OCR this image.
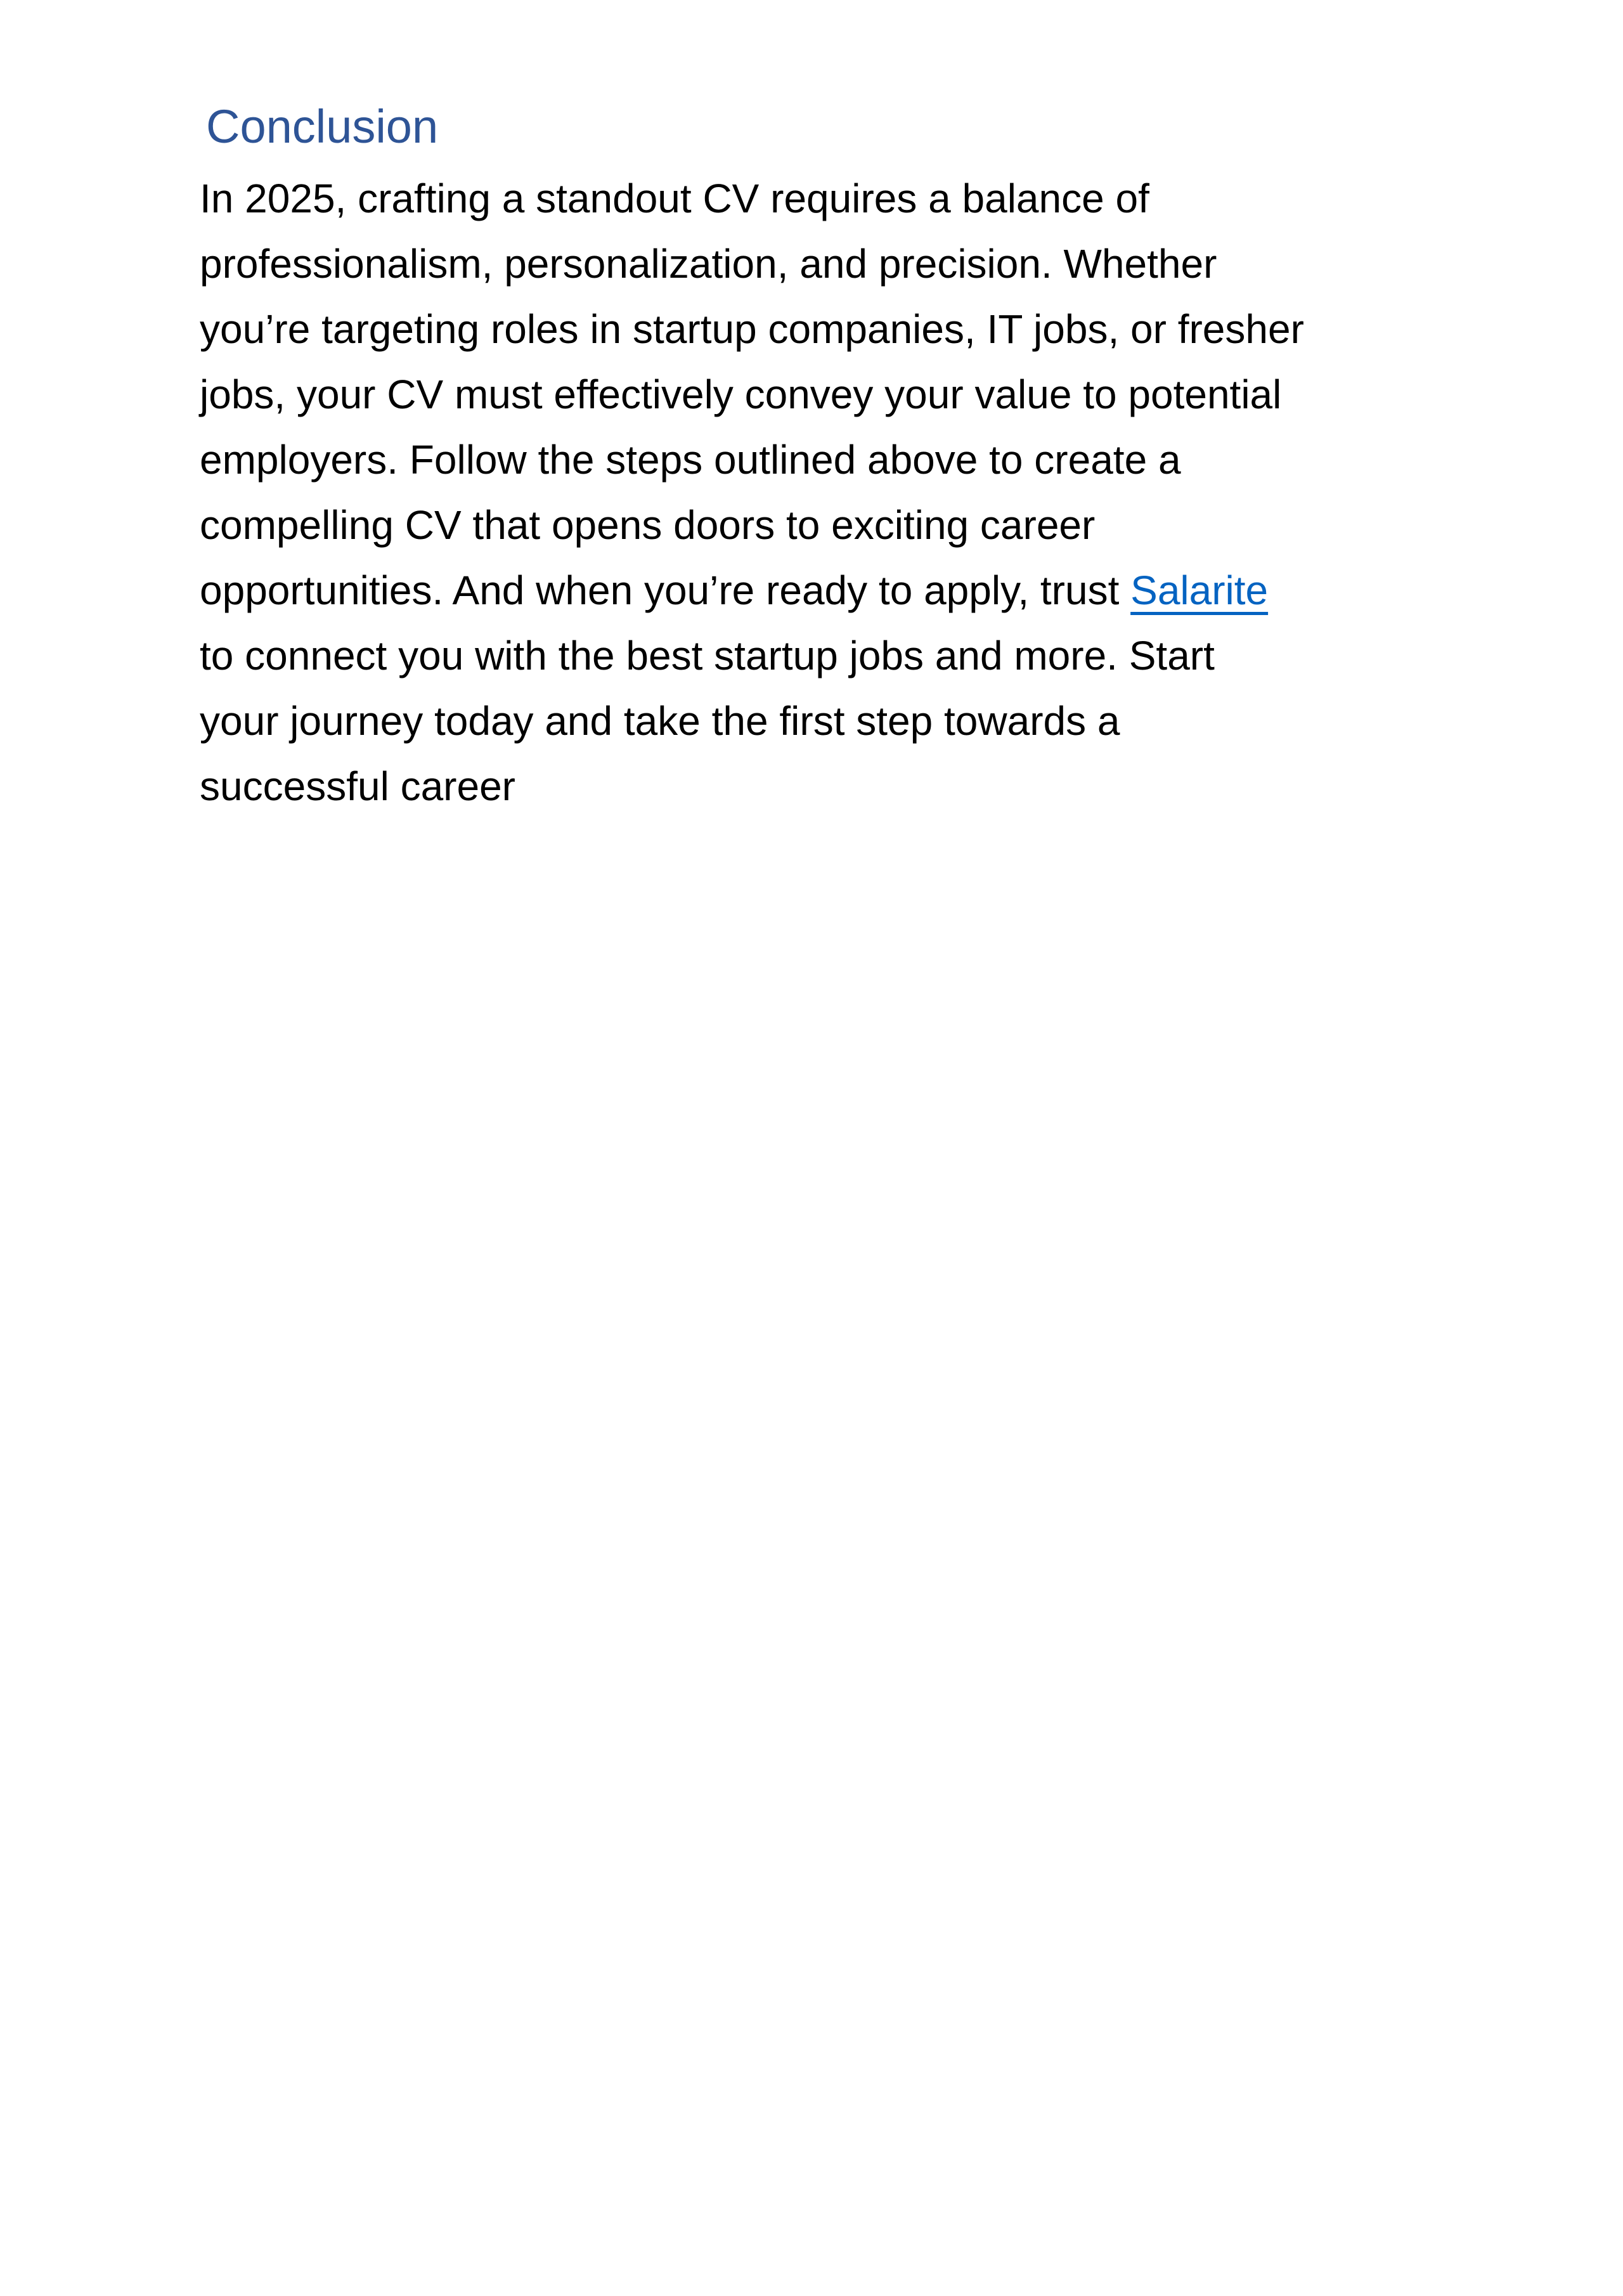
Conclusion
In 2025, crafting a standout CV requires a balance of
professionalism, personalization, and precision. Whether
you’re targeting roles in startup companies, IT jobs, or fresher
jobs, your CV must effectively convey your value to potential
employers. Follow the steps outlined above to create a
compelling CV that opens doors to exciting career
opportunities. And when you’re ready to apply, trust Salarite
to connect you with the best startup jobs and more. Start
your journey today and take the first step towards a
successful career
